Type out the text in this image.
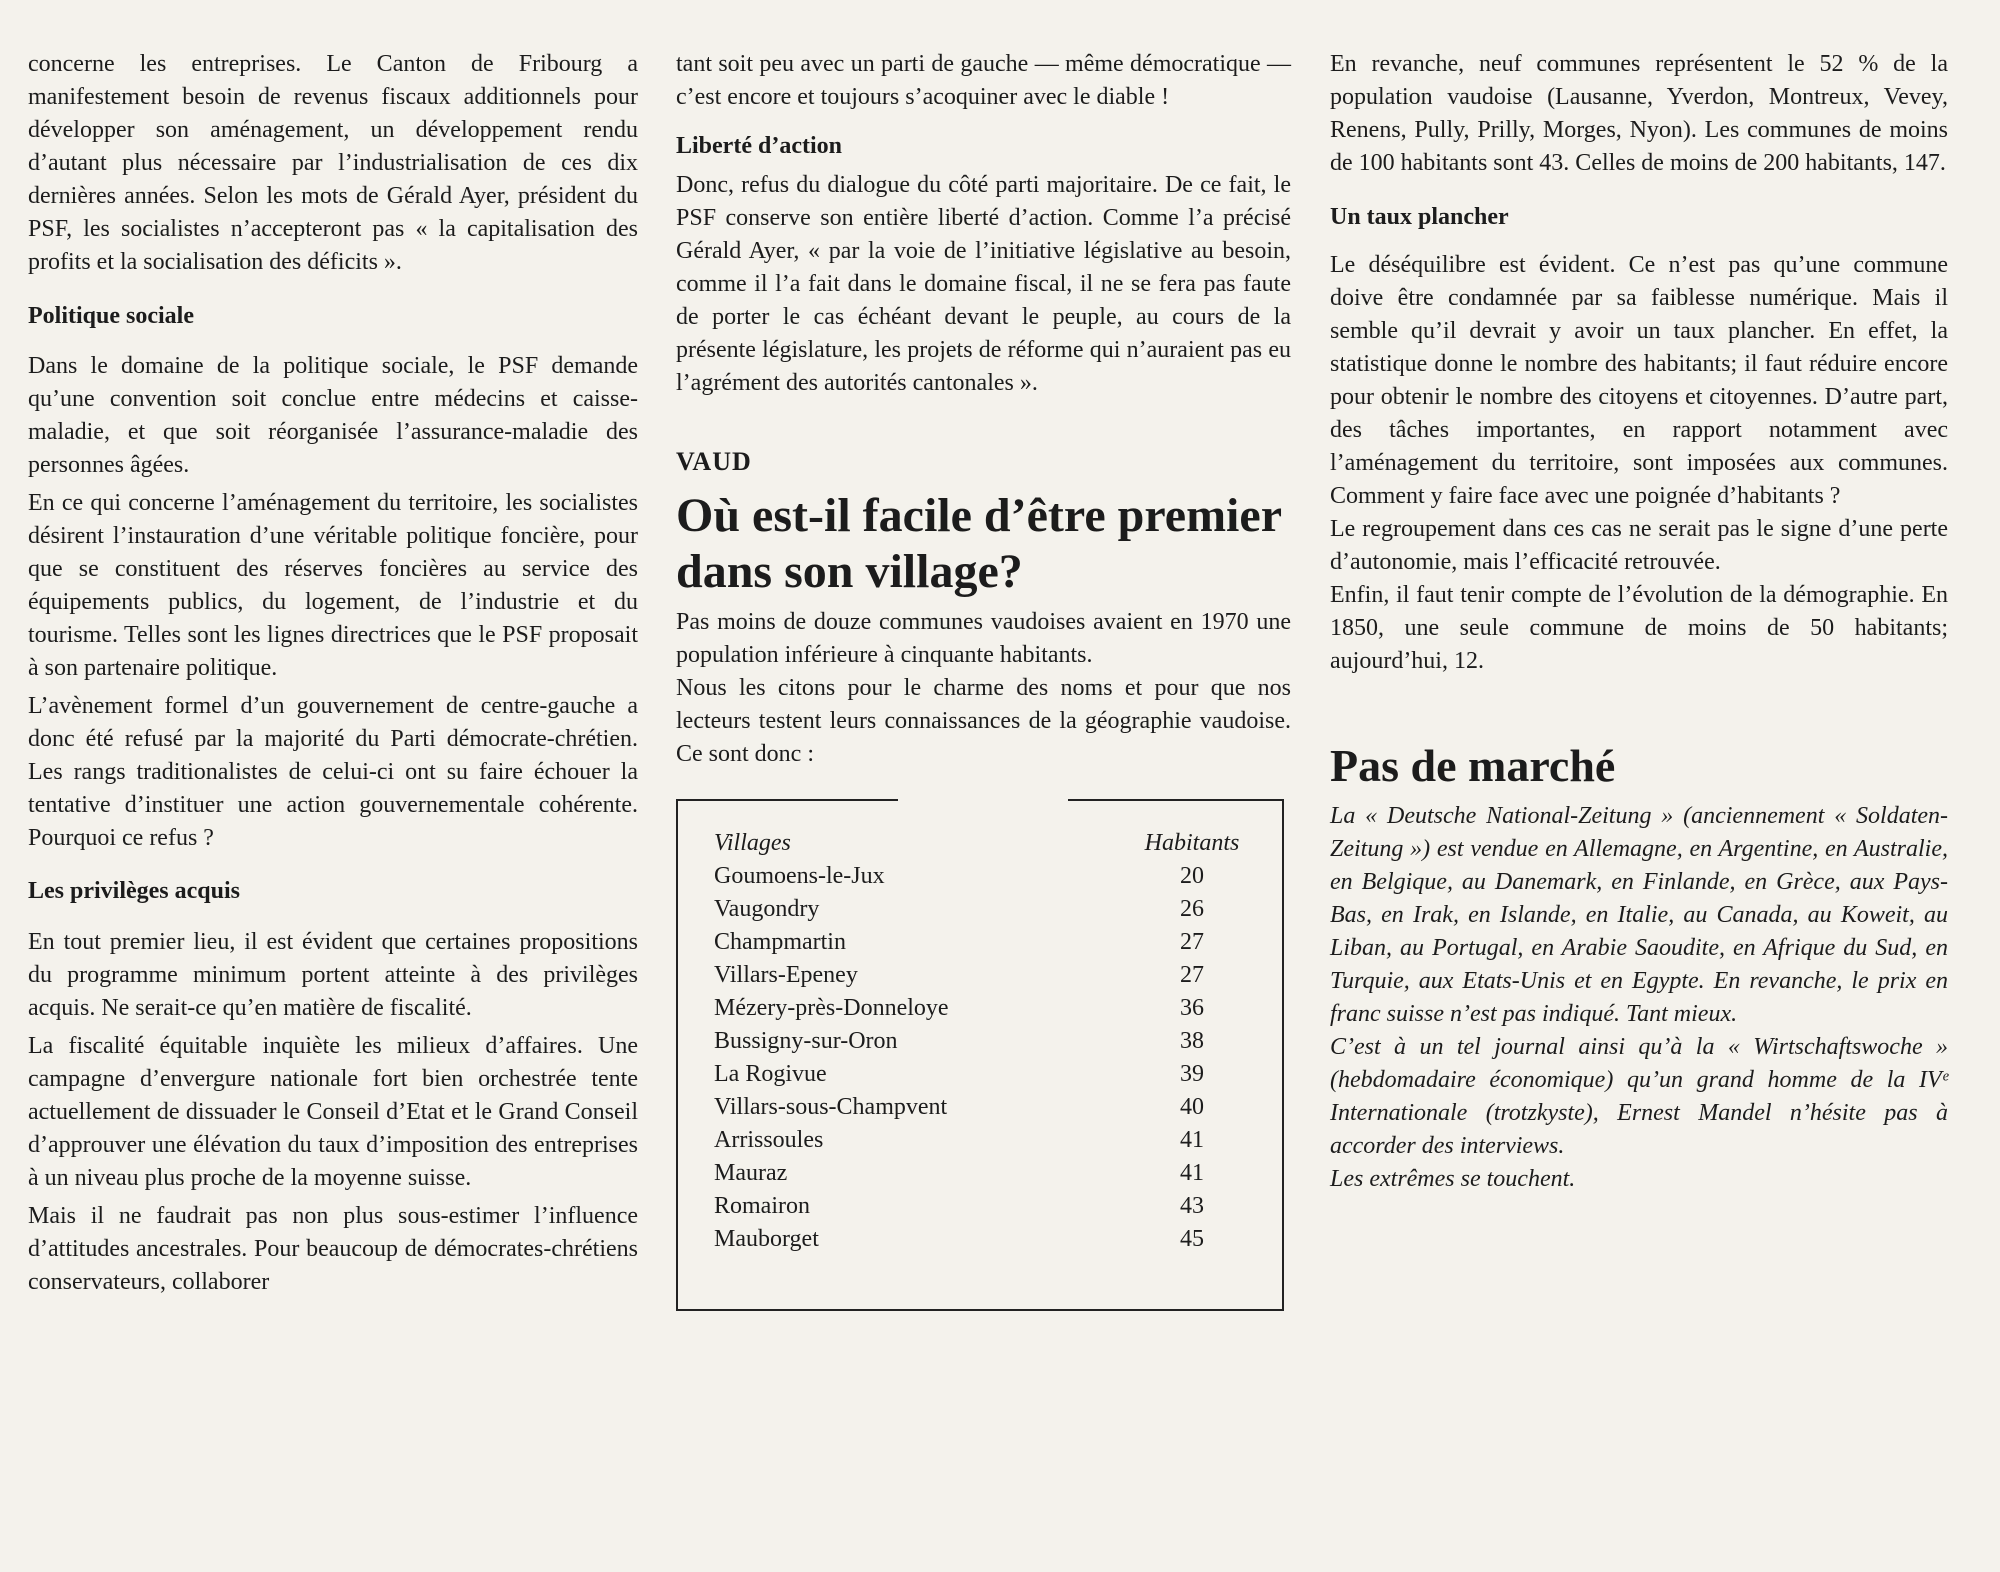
concerne les entreprises. Le Canton de Fribourg a manifestement besoin de revenus fiscaux additionnels pour développer son aménagement, un développement rendu d’autant plus nécessaire par l’industrialisation de ces dix dernières années. Selon les mots de Gérald Ayer, président du PSF, les socialistes n’accepteront pas « la capitalisation des profits et la socialisation des déficits ».

Politique sociale

Dans le domaine de la politique sociale, le PSF demande qu’une convention soit conclue entre médecins et caisse-maladie, et que soit réorganisée l’assurance-maladie des personnes âgées.

En ce qui concerne l’aménagement du territoire, les socialistes désirent l’instauration d’une véritable politique foncière, pour que se constituent des réserves foncières au service des équipements publics, du logement, de l’industrie et du tourisme. Telles sont les lignes directrices que le PSF proposait à son partenaire politique.

L’avènement formel d’un gouvernement de centre-gauche a donc été refusé par la majorité du Parti démocrate-chrétien. Les rangs traditionalistes de celui-ci ont su faire échouer la tentative d’instituer une action gouvernementale cohérente. Pourquoi ce refus ?

Les privilèges acquis

En tout premier lieu, il est évident que certaines propositions du programme minimum portent atteinte à des privilèges acquis. Ne serait-ce qu’en matière de fiscalité.

La fiscalité équitable inquiète les milieux d’affaires. Une campagne d’envergure nationale fort bien orchestrée tente actuellement de dissuader le Conseil d’Etat et le Grand Conseil d’approuver une élévation du taux d’imposition des entreprises à un niveau plus proche de la moyenne suisse.

Mais il ne faudrait pas non plus sous-estimer l’influence d’attitudes ancestrales. Pour beaucoup de démocrates-chrétiens conservateurs, collaborer

tant soit peu avec un parti de gauche — même démocratique — c’est encore et toujours s’acoquiner avec le diable !

Liberté d’action

Donc, refus du dialogue du côté parti majoritaire. De ce fait, le PSF conserve son entière liberté d’action. Comme l’a précisé Gérald Ayer, « par la voie de l’initiative législative au besoin, comme il l’a fait dans le domaine fiscal, il ne se fera pas faute de porter le cas échéant devant le peuple, au cours de la présente législature, les projets de réforme qui n’auraient pas eu l’agrément des autorités cantonales ».

VAUD

Où est-il facile d’être premier dans son village?

Pas moins de douze communes vaudoises avaient en 1970 une population inférieure à cinquante habitants.

Nous les citons pour le charme des noms et pour que nos lecteurs testent leurs connaissances de la géographie vaudoise. Ce sont donc :

Villages	Habitants
Goumoens-le-Jux	20
Vaugondry	26
Champmartin	27
Villars-Epeney	27
Mézery-près-Donneloye	36
Bussigny-sur-Oron	38
La Rogivue	39
Villars-sous-Champvent	40
Arrissoules	41
Mauraz	41
Romairon	43
Mauborget	45

En revanche, neuf communes représentent le 52 % de la population vaudoise (Lausanne, Yverdon, Montreux, Vevey, Renens, Pully, Prilly, Morges, Nyon). Les communes de moins de 100 habitants sont 43. Celles de moins de 200 habitants, 147.

Un taux plancher

Le déséquilibre est évident. Ce n’est pas qu’une commune doive être condamnée par sa faiblesse numérique. Mais il semble qu’il devrait y avoir un taux plancher. En effet, la statistique donne le nombre des habitants; il faut réduire encore pour obtenir le nombre des citoyens et citoyennes. D’autre part, des tâches importantes, en rapport notamment avec l’aménagement du territoire, sont imposées aux communes. Comment y faire face avec une poignée d’habitants ?

Le regroupement dans ces cas ne serait pas le signe d’une perte d’autonomie, mais l’efficacité retrouvée.

Enfin, il faut tenir compte de l’évolution de la démographie. En 1850, une seule commune de moins de 50 habitants; aujourd’hui, 12.

Pas de marché

La « Deutsche National-Zeitung » (anciennement « Soldaten-Zeitung ») est vendue en Allemagne, en Argentine, en Australie, en Belgique, au Danemark, en Finlande, en Grèce, aux Pays-Bas, en Irak, en Islande, en Italie, au Canada, au Koweit, au Liban, au Portugal, en Arabie Saoudite, en Afrique du Sud, en Turquie, aux Etats-Unis et en Egypte. En revanche, le prix en franc suisse n’est pas indiqué. Tant mieux.

C’est à un tel journal ainsi qu’à la « Wirtschaftswoche » (hebdomadaire économique) qu’un grand homme de la IVᵉ Internationale (trotzkyste), Ernest Mandel n’hésite pas à accorder des interviews.

Les extrêmes se touchent.
